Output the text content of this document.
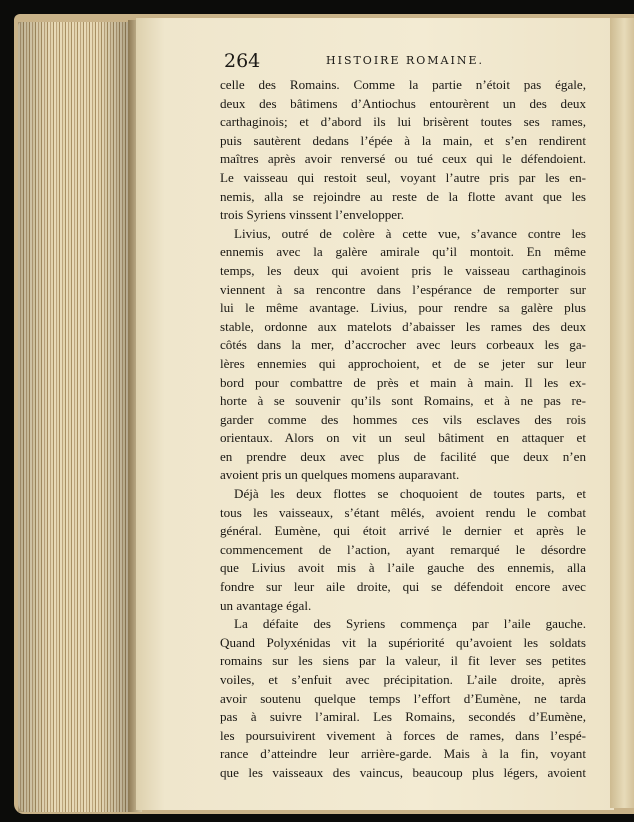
264	HISTOIRE ROMAINE.
celle des Romains. Comme la partie n’étoit pas égale,
deux des bâtimens d’Antiochus entourèrent un des deux
carthaginois; et d’abord ils lui brisèrent toutes ses rames,
puis sautèrent dedans l’épée à la main, et s’en rendirent
maîtres après avoir renversé ou tué ceux qui le défendoient.
Le vaisseau qui restoit seul, voyant l’autre pris par les en-
nemis, alla se rejoindre au reste de la flotte avant que les
trois Syriens vinssent l’envelopper.
Livius, outré de colère à cette vue, s’avance contre les
ennemis avec la galère amirale qu’il montoit. En même
temps, les deux qui avoient pris le vaisseau carthaginois
viennent à sa rencontre dans l’espérance de remporter sur
lui le même avantage. Livius, pour rendre sa galère plus
stable, ordonne aux matelots d’abaisser les rames des deux
côtés dans la mer, d’accrocher avec leurs corbeaux les ga-
lères ennemies qui approchoient, et de se jeter sur leur
bord pour combattre de près et main à main. Il les ex-
horte à se souvenir qu’ils sont Romains, et à ne pas re-
garder comme des hommes ces vils esclaves des rois
orientaux. Alors on vit un seul bâtiment en attaquer et
en prendre deux avec plus de facilité que deux n’en
avoient pris un quelques momens auparavant.
Déjà les deux flottes se choquoient de toutes parts, et
tous les vaisseaux, s’étant mêlés, avoient rendu le combat
général. Eumène, qui étoit arrivé le dernier et après le
commencement de l’action, ayant remarqué le désordre
que Livius avoit mis à l’aile gauche des ennemis, alla
fondre sur leur aile droite, qui se défendoit encore avec
un avantage égal.
La défaite des Syriens commença par l’aile gauche.
Quand Polyxénidas vit la supériorité qu’avoient les soldats
romains sur les siens par la valeur, il fit lever ses petites
voiles, et s’enfuit avec précipitation. L’aile droite, après
avoir soutenu quelque temps l’effort d’Eumène, ne tarda
pas à suivre l’amiral. Les Romains, secondés d’Eumène,
les poursuivirent vivement à forces de rames, dans l’espé-
rance d’atteindre leur arrière-garde. Mais à la fin, voyant
que les vaisseaux des vaincus, beaucoup plus légers, avoient
